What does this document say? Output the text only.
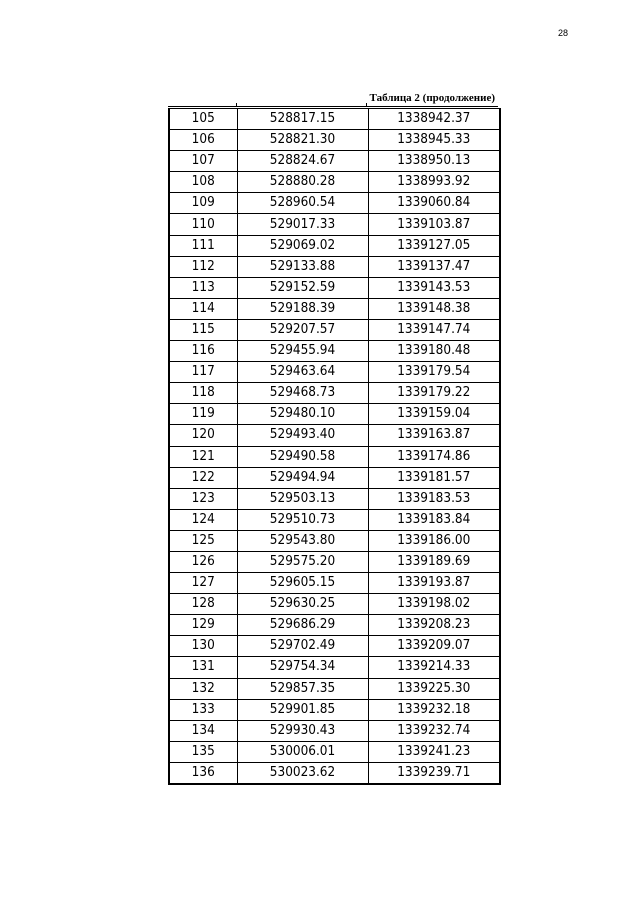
28
Таблица 2 (продолжение)
105	528817.15	1338942.37
106	528821.30	1338945.33
107	528824.67	1338950.13
108	528880.28	1338993.92
109	528960.54	1339060.84
110	529017.33	1339103.87
111	529069.02	1339127.05
112	529133.88	1339137.47
113	529152.59	1339143.53
114	529188.39	1339148.38
115	529207.57	1339147.74
116	529455.94	1339180.48
117	529463.64	1339179.54
118	529468.73	1339179.22
119	529480.10	1339159.04
120	529493.40	1339163.87
121	529490.58	1339174.86
122	529494.94	1339181.57
123	529503.13	1339183.53
124	529510.73	1339183.84
125	529543.80	1339186.00
126	529575.20	1339189.69
127	529605.15	1339193.87
128	529630.25	1339198.02
129	529686.29	1339208.23
130	529702.49	1339209.07
131	529754.34	1339214.33
132	529857.35	1339225.30
133	529901.85	1339232.18
134	529930.43	1339232.74
135	530006.01	1339241.23
136	530023.62	1339239.71
